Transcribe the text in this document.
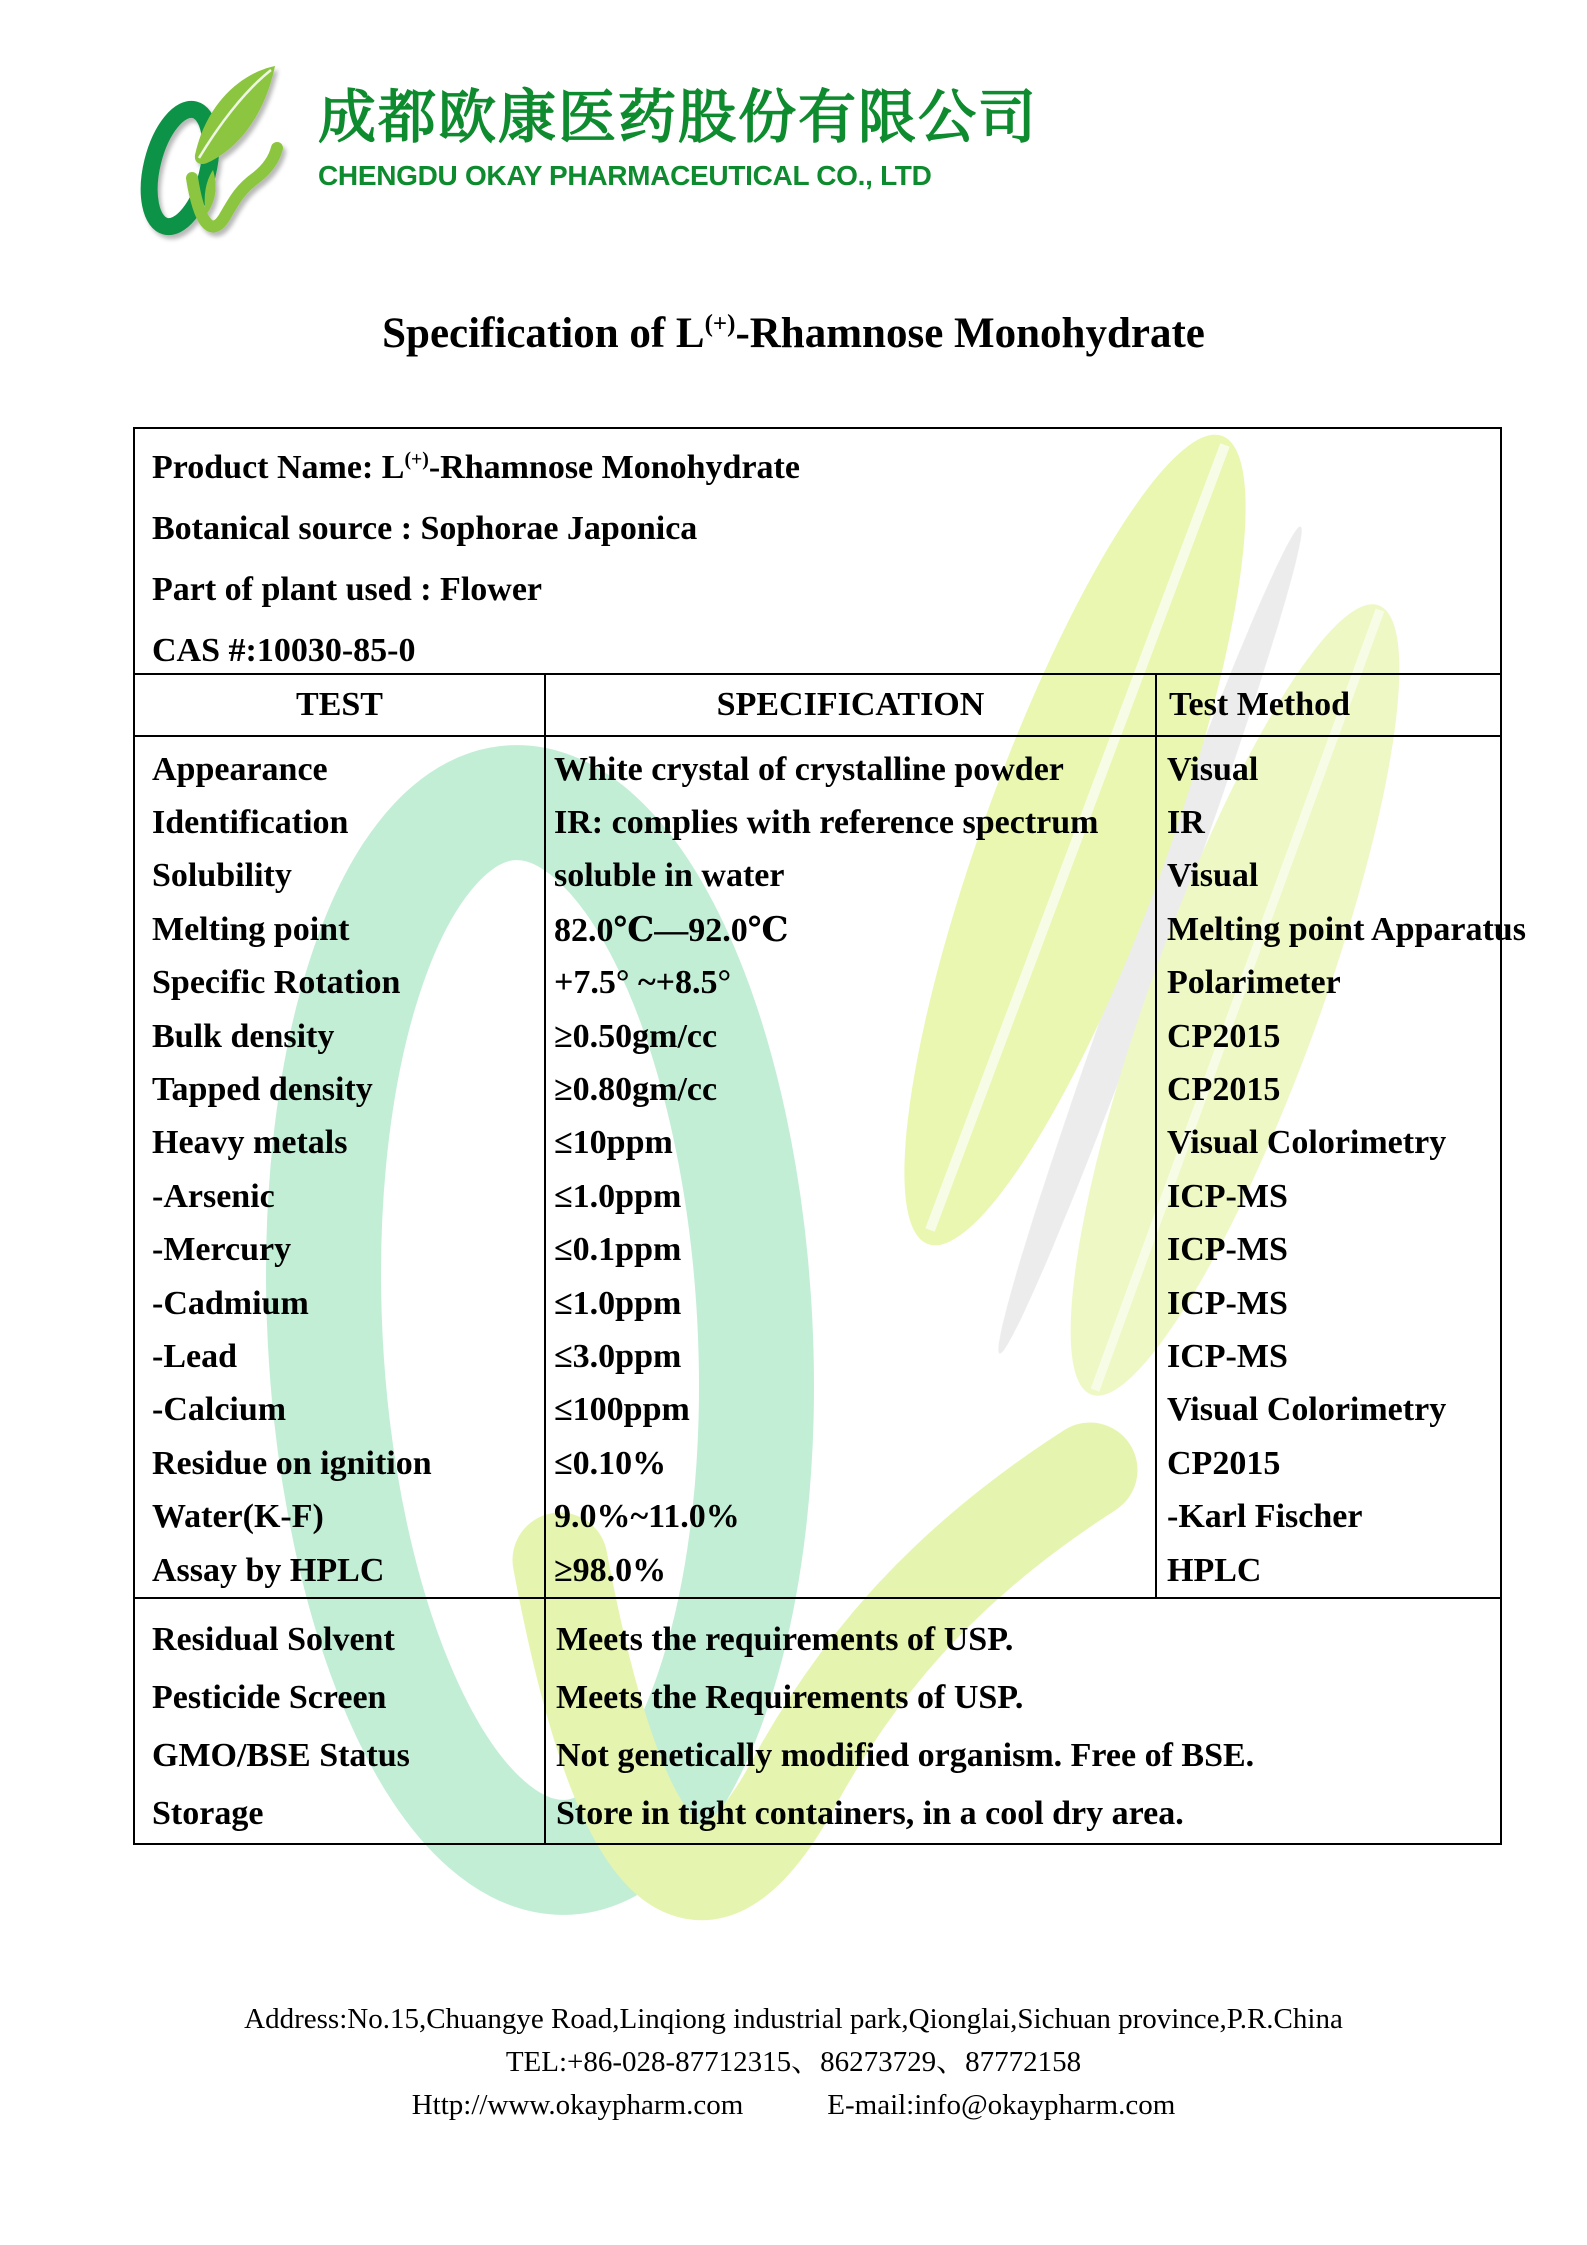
成都欧康医药股份有限公司
CHENGDU OKAY PHARMACEUTICAL CO., LTD
Specification of L(+)-Rhamnose Monohydrate
Product Name: L(+)-Rhamnose Monohydrate
Botanical source : Sophorae Japonica
Part of plant used : Flower
CAS #:10030-85-0
TEST	SPECIFICATION	Test Method
Appearance	White crystal of crystalline powder	Visual
Identification	IR: complies with reference spectrum	IR
Solubility	soluble in water	Visual
Melting point	82.0℃—92.0℃	Melting point Apparatus
Specific Rotation	+7.5° ~+8.5°	Polarimeter
Bulk density	≥0.50gm/cc	CP2015
Tapped density	≥0.80gm/cc	CP2015
Heavy metals	≤10ppm	Visual Colorimetry
-Arsenic	≤1.0ppm	ICP-MS
-Mercury	≤0.1ppm	ICP-MS
-Cadmium	≤1.0ppm	ICP-MS
-Lead	≤3.0ppm	ICP-MS
-Calcium	≤100ppm	Visual Colorimetry
Residue on ignition	≤0.10%	CP2015
Water(K-F)	9.0%~11.0%	-Karl Fischer
Assay by HPLC	≥98.0%	HPLC
Residual Solvent	Meets the requirements of USP.
Pesticide Screen	Meets the Requirements of USP.
GMO/BSE Status	Not genetically modified organism. Free of BSE.
Storage	Store in tight containers, in a cool dry area.
Address:No.15,Chuangye Road,Linqiong industrial park,Qionglai,Sichuan province,P.R.China
TEL:+86-028-87712315、86273729、87772158
Http://www.okaypharm.com	E-mail:info@okaypharm.com
